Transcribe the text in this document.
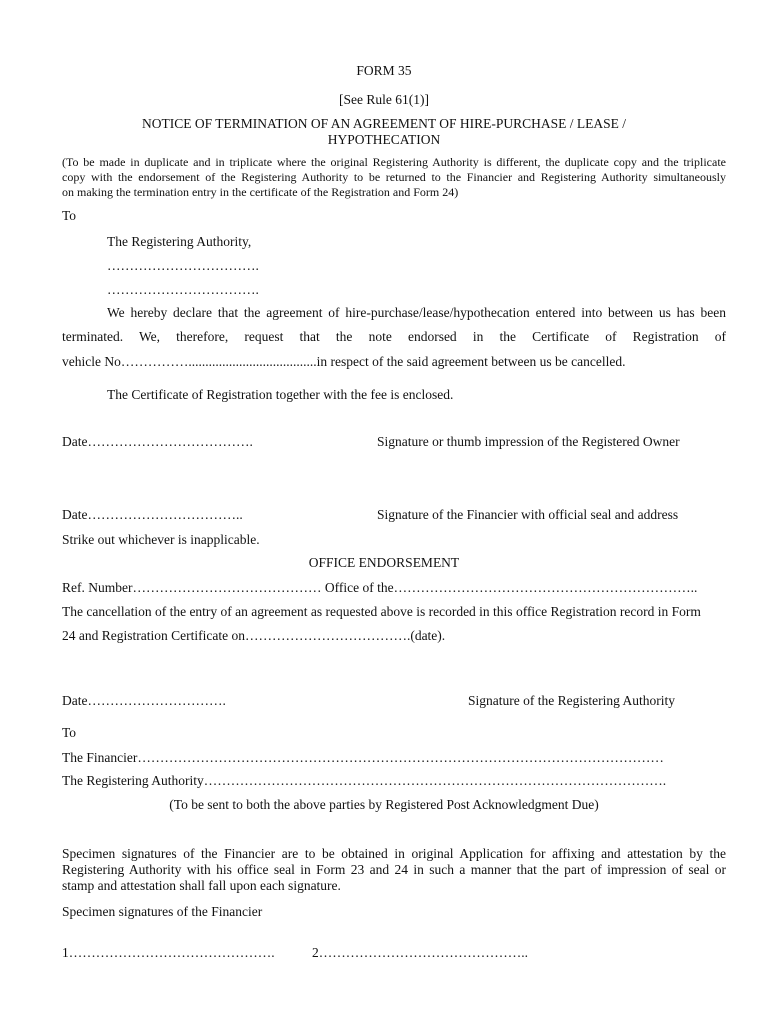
FORM 35
[See Rule 61(1)]
NOTICE OF TERMINATION OF AN AGREEMENT OF HIRE-PURCHASE / LEASE /
HYPOTHECATION
(To be made in duplicate and in triplicate where the original Registering Authority is different, the duplicate copy and the triplicate
copy with the endorsement of the Registering Authority to be returned to the Financier and Registering Authority simultaneously
on making the termination entry in the certificate of the Registration and Form 24)
To
The Registering Authority,
…………………………….
…………………………….
We hereby declare that the agreement of hire-purchase/lease/hypothecation entered into between us has been
terminated. We, therefore, request that the note endorsed in the Certificate of Registration of
vehicle No……………......................................in respect of the said agreement between us be cancelled.
The Certificate of Registration together with the fee is enclosed.
Date……………………………….	Signature or thumb impression of the Registered Owner
Date……………………………..	Signature of the Financier with official seal and address
Strike out whichever is inapplicable.
OFFICE ENDORSEMENT
Ref. Number…………………………………… Office of the…………………………………………………………..
The cancellation of the entry of an agreement as requested above is recorded in this office Registration record in Form
24 and Registration Certificate on……………………………….(date).
Date………………………….	Signature of the Registering Authority
To
The Financier………………………………………………………………………………………………………
The Registering Authority………………………………………………………………………………………….
(To be sent to both the above parties by Registered Post Acknowledgment Due)
Specimen signatures of the Financier are to be obtained in original Application for affixing and attestation by the
Registering Authority with his office seal in Form 23 and 24 in such a manner that the part of impression of seal or
stamp and attestation shall fall upon each signature.
Specimen signatures of the Financier
1……………………………………….	2………………………………………..
